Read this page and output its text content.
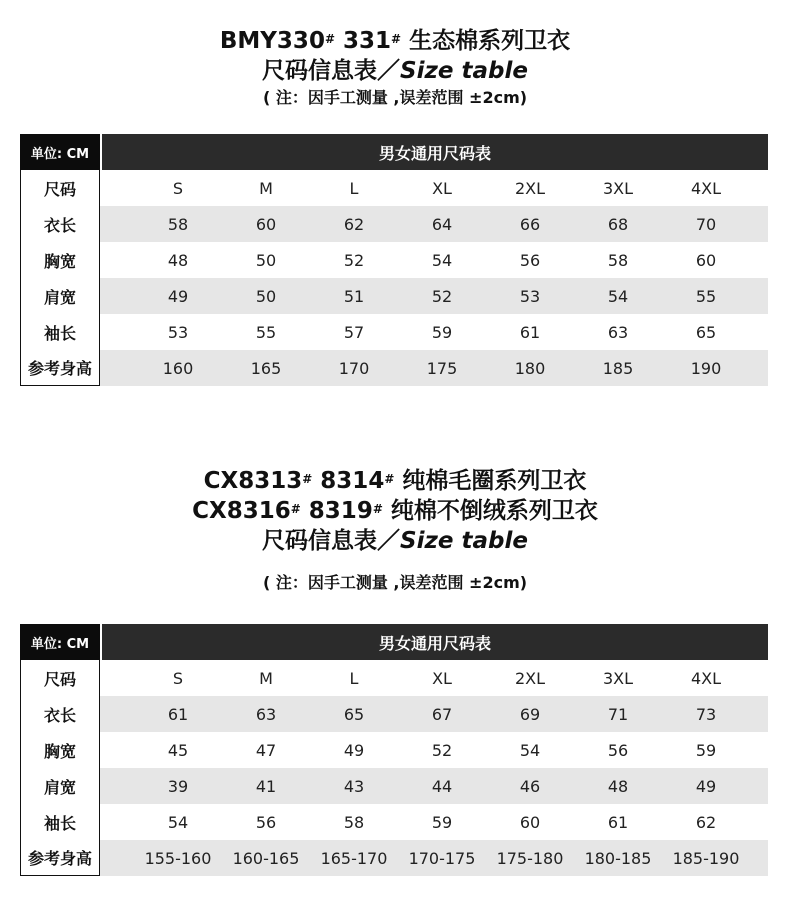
BMY330# 331# 生态棉系列卫衣
尺码信息表／Size table
( 注：因手工测量 ,误差范围 ±2cm)
单位: CM	男女通用尺码表
尺码	S	M	L	XL	2XL	3XL	4XL
衣长	58	60	62	64	66	68	70
胸宽	48	50	52	54	56	58	60
肩宽	49	50	51	52	53	54	55
袖长	53	55	57	59	61	63	65
参考身高	160	165	170	175	180	185	190
CX8313# 8314# 纯棉毛圈系列卫衣
CX8316# 8319# 纯棉不倒绒系列卫衣
尺码信息表／Size table
( 注：因手工测量 ,误差范围 ±2cm)
单位: CM	男女通用尺码表
尺码	S	M	L	XL	2XL	3XL	4XL
衣长	61	63	65	67	69	71	73
胸宽	45	47	49	52	54	56	59
肩宽	39	41	43	44	46	48	49
袖长	54	56	58	59	60	61	62
参考身高	155-160	160-165	165-170	170-175	175-180	180-185	185-190
